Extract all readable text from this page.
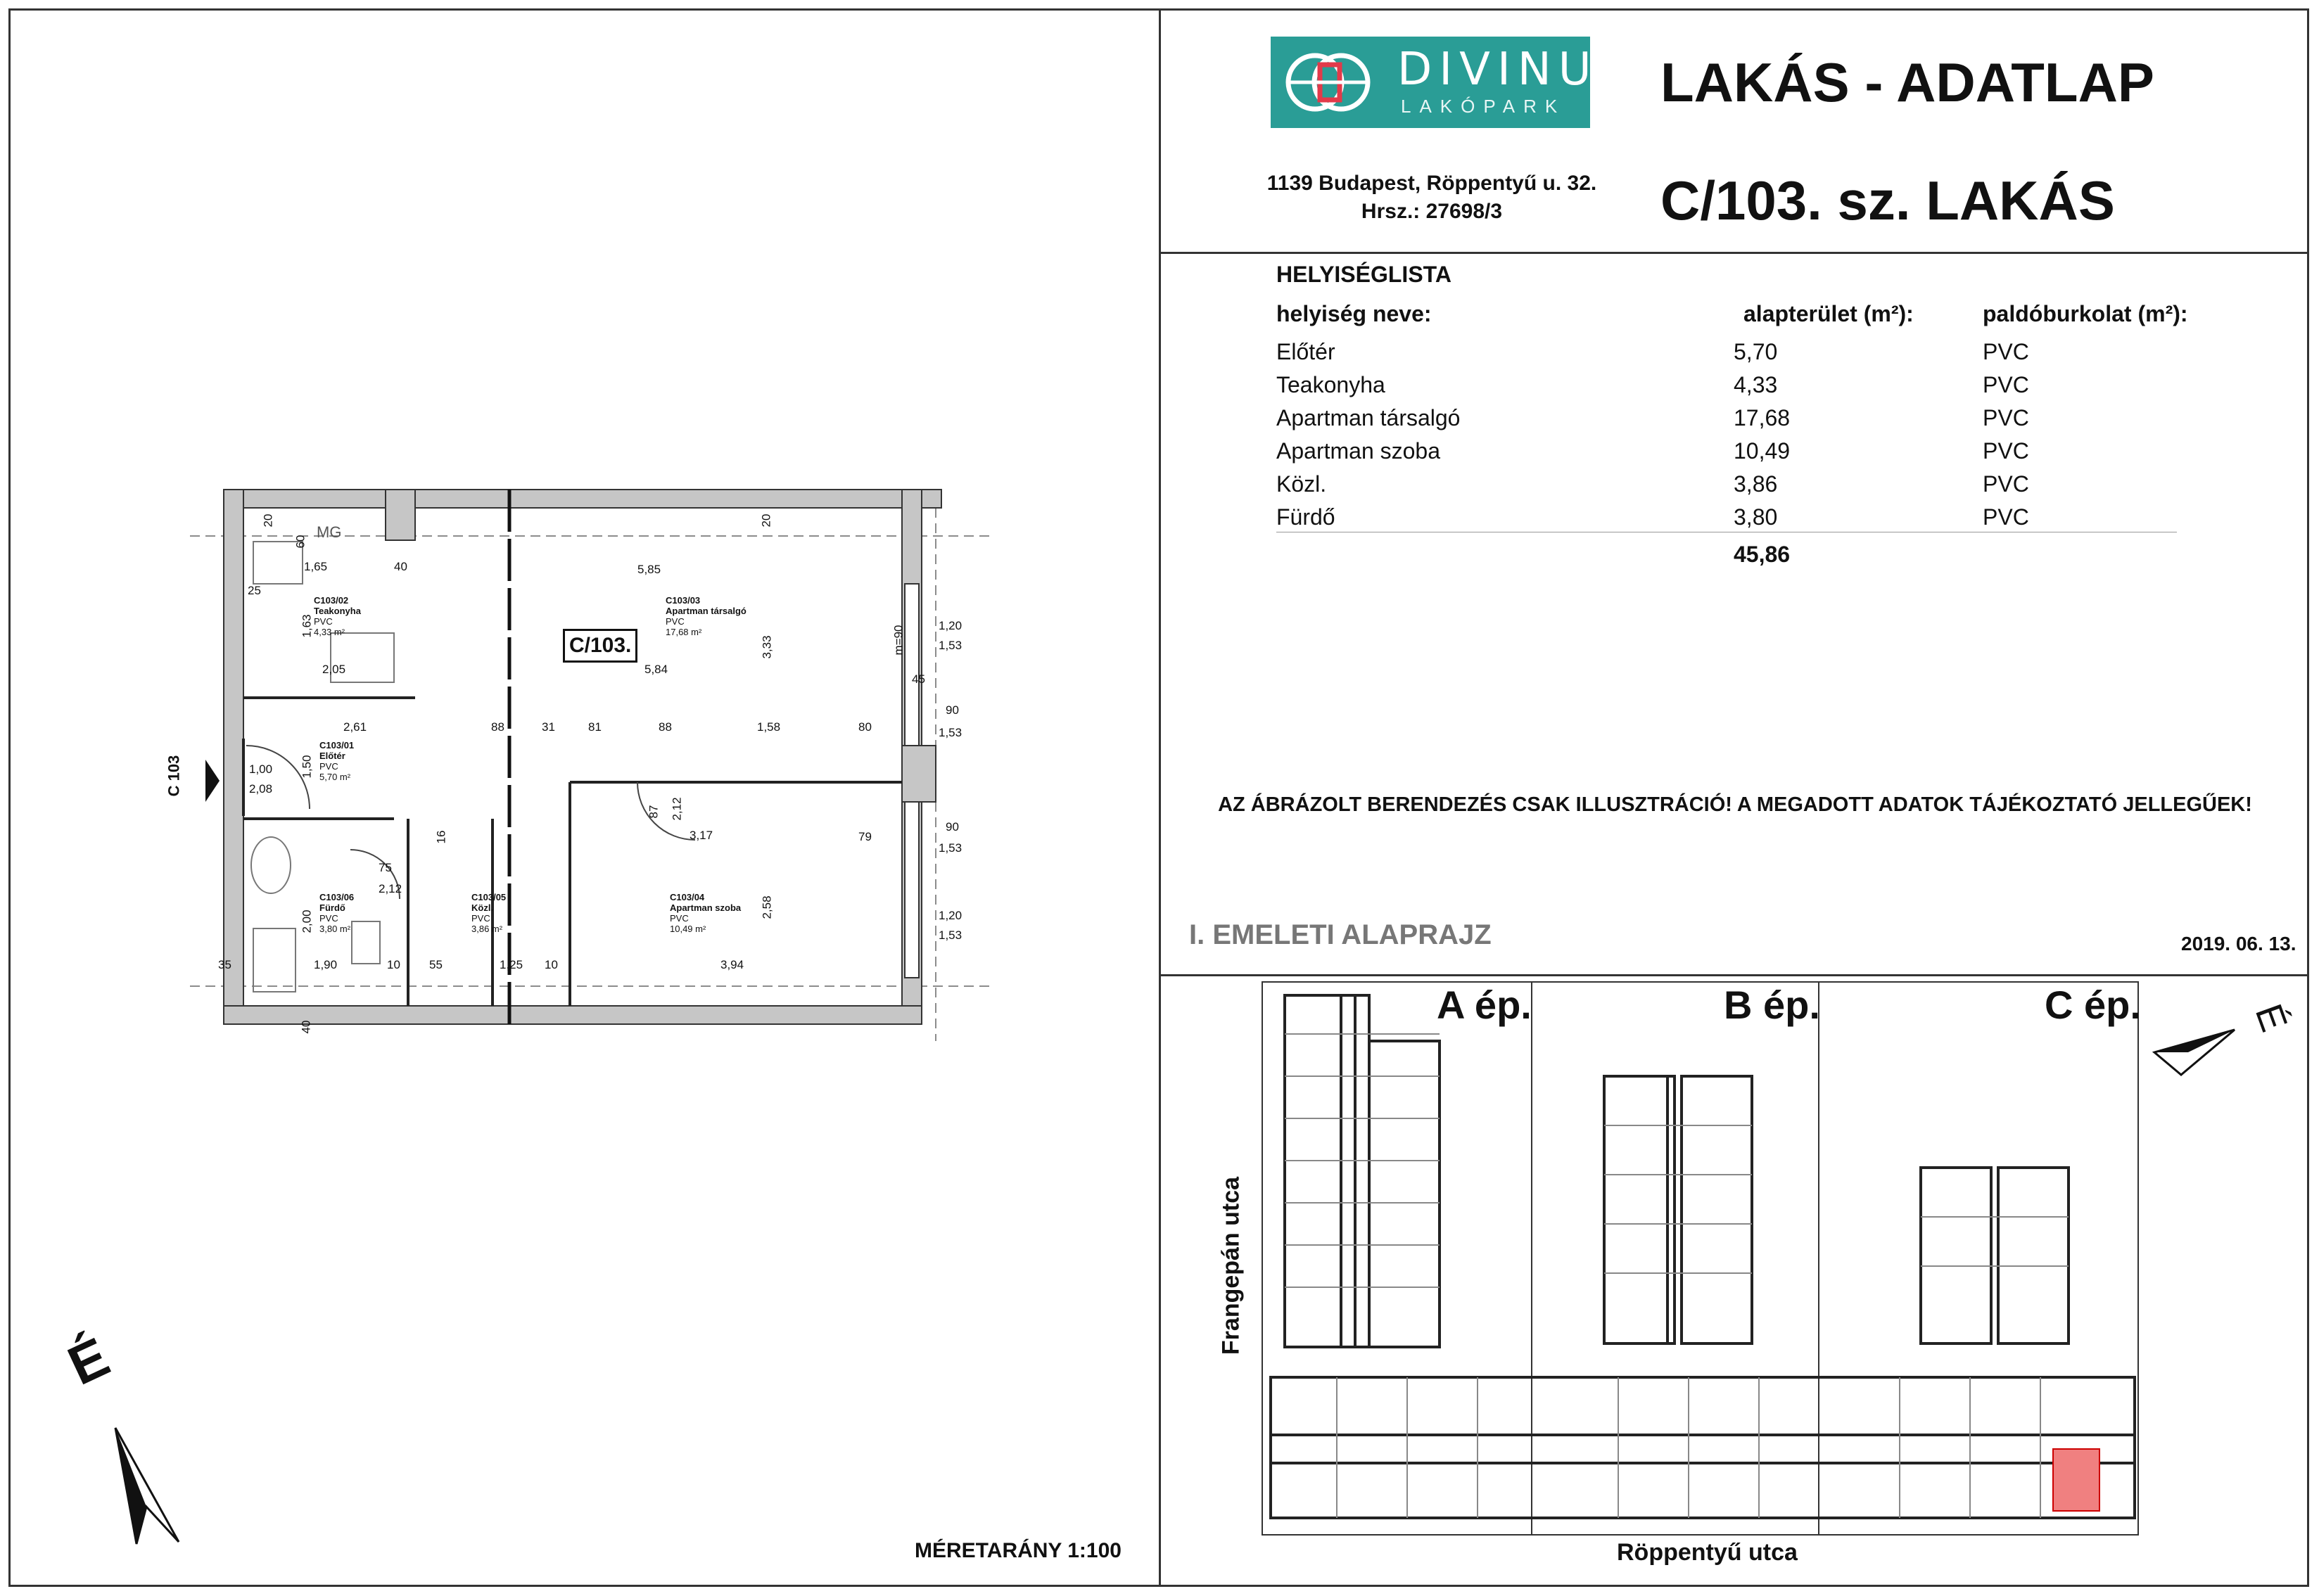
DIVINUS
LAKÓPARK
1139 Budapest, Röppentyű u. 32.
Hrsz.: 27698/3
LAKÁS - ADATLAP
C/103. sz. LAKÁS
HELYISÉGLISTA
helyiség neve:	alapterület (m²):	paldóburkolat (m²):
Előtér	5,70	PVC
Teakonyha	4,33	PVC
Apartman társalgó	17,68	PVC
Apartman szoba	10,49	PVC
Közl.	3,86	PVC
Fürdő	3,80	PVC
45,86
AZ ÁBRÁZOLT BERENDEZÉS CSAK ILLUSZTRÁCIÓ! A MEGADOTT ADATOK TÁJÉKOZTATÓ JELLEGŰEK!
I. EMELETI ALAPRAJZ	2019. 06. 13.
MÉRETARÁNY 1:100
É
C/103.
C 103
MG
C103/02
Teakonyha
PVC
4,33 m²
C103/03
Apartman társalgó
PVC
17,68 m²
C103/01
Előtér
PVC
5,70 m²
C103/06
Fürdő
PVC
3,80 m²
C103/05
Közl.
PVC
3,86 m²
C103/04
Apartman szoba
PVC
10,49 m²
1,65	40	5,85
1,63
25
3,33
2,05	5,84
2,61	88	31	81	88	1,58	80
1,50
1,00
2,08
2,12
3,17	79
75
2,12
2,58
2,00
1,90	10 55	1,25 10	3,94
1,20
1,53
90
1,53
90
1,53
1,20
1,53
20
60
20
87
16
35
40
m=90
45
A ép.	B ép.	C ép.
Frangepán utca
Röppentyű utca
É
